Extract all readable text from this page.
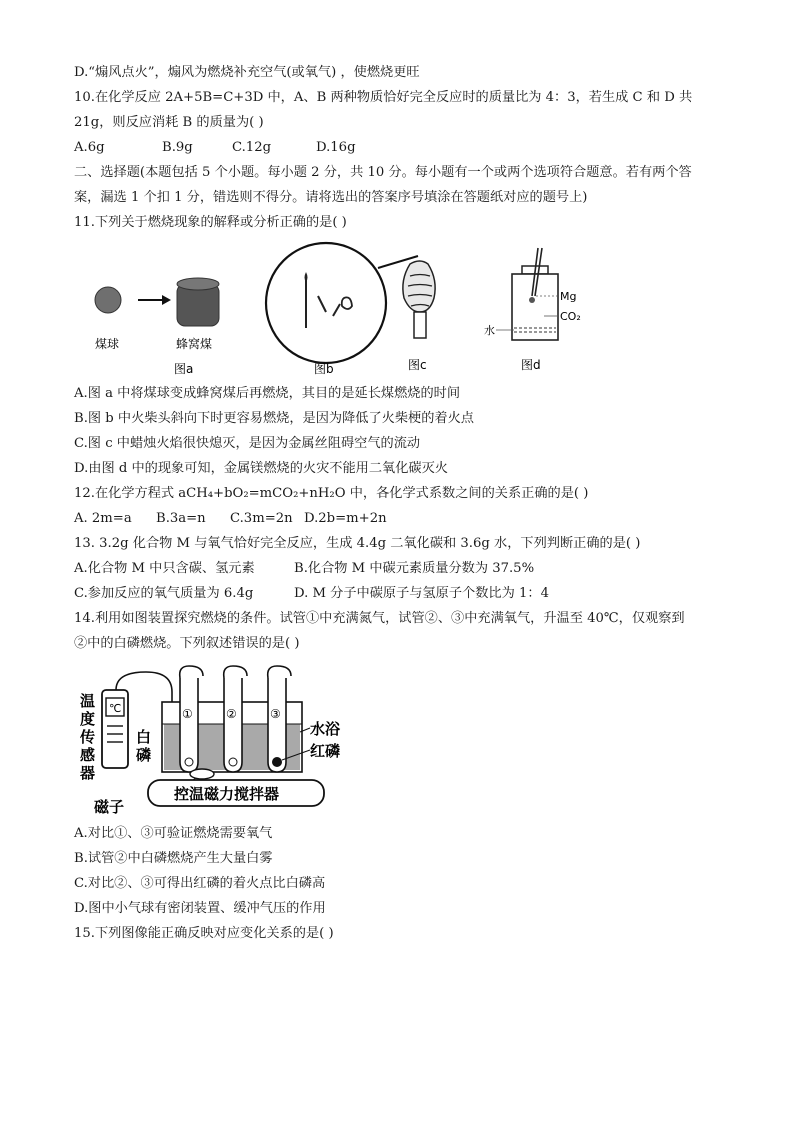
D.“煽风点火”，煽风为燃烧补充空气(或氧气) ，使燃烧更旺
10.在化学反应 2A+5B=C+3D 中，A、B 两种物质恰好完全反应时的质量比为 4：3，若生成 C 和 D 共
21g，则反应消耗 B 的质量为( )
A.6g	B.9g	C.12g	D.16g
二、选择题(本题包括 5 个小题。每小题 2 分，共 10 分。每小题有一个或两个选项符合题意。若有两个答
案，漏选 1 个扣 1 分，错选则不得分。请将选出的答案序号填涂在答题纸对应的题号上)
11.下列关于燃烧现象的解释或分析正确的是( )
煤球	蜂窝煤
图a	图b	图c
Mg
CO₂
水
图d
A.图 a 中将煤球变成蜂窝煤后再燃烧，其目的是延长煤燃烧的时间
B.图 b 中火柴头斜向下时更容易燃烧，是因为降低了火柴梗的着火点
C.图 c 中蜡烛火焰很快熄灭，是因为金属丝阻碍空气的流动
D.由图 d 中的现象可知，金属镁燃烧的火灾不能用二氧化碳灭火
12.在化学方程式 aCH₄+bO₂=mCO₂+nH₂O 中，各化学式系数之间的关系正确的是( )
A. 2m=a B.3a=n C.3m=2n D.2b=m+2n
13. 3.2g 化合物 M 与氧气恰好完全反应，生成 4.4g 二氧化碳和 3.6g 水，下列判断正确的是( )
A.化合物 M 中只含碳、氢元素	B.化合物 M 中碳元素质量分数为 37.5%
C.参加反应的氧气质量为 6.4g	D. M 分子中碳原子与氢原子个数比为 1：4
14.利用如图装置探究燃烧的条件。试管①中充满氮气，试管②、③中充满氧气，升温至 40℃，仅观察到
②中的白磷燃烧。下列叙述错误的是( )
温
度
传
感
器
℃
白
磷
①	②	③
水浴
红磷
磁子
控温磁力搅拌器
A.对比①、③可验证燃烧需要氧气
B.试管②中白磷燃烧产生大量白雾
C.对比②、③可得出红磷的着火点比白磷高
D.图中小气球有密闭装置、缓冲气压的作用
15.下列图像能正确反映对应变化关系的是( )
